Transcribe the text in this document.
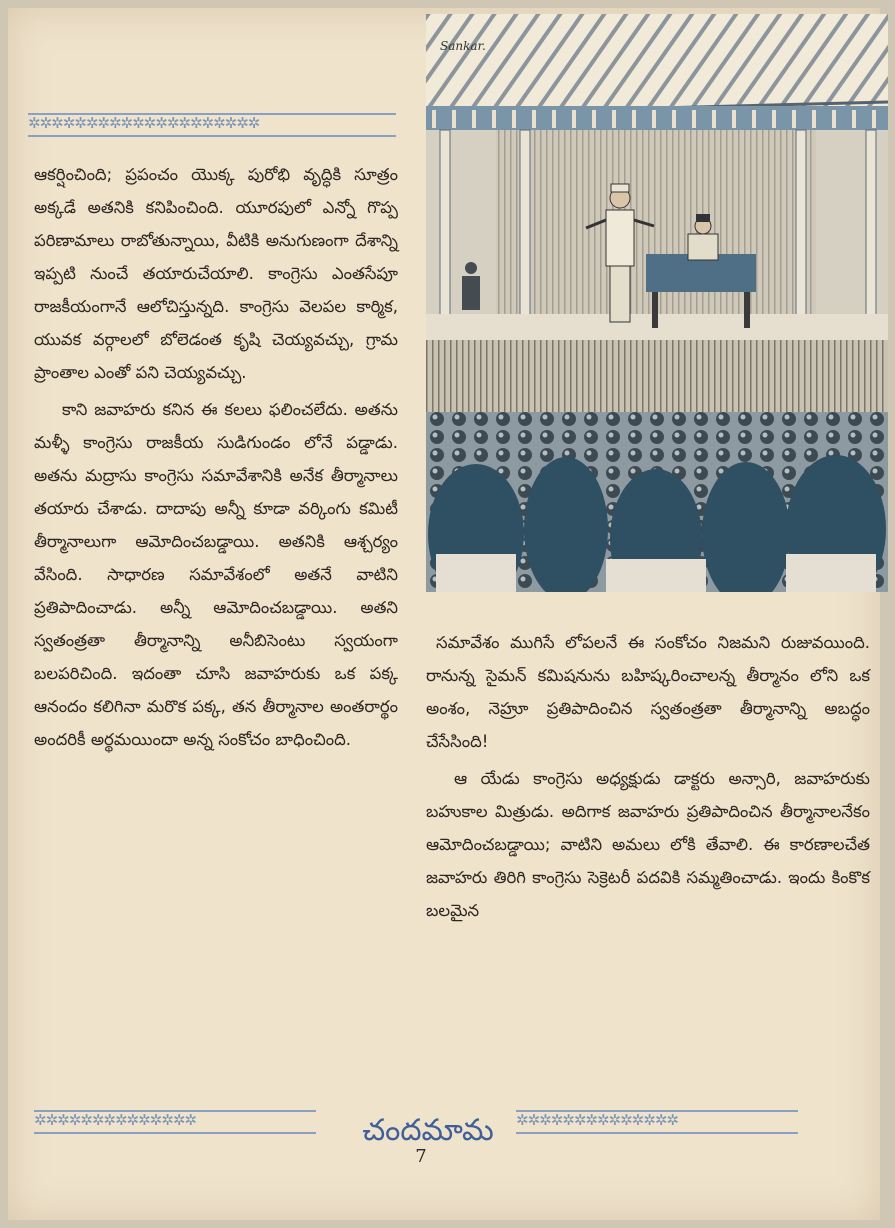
✲✲✲✲✲✲✲✲✲✲✲✲✲✲✲✲✲✲✲✲

ఆకర్షించింది; ప్రపంచం యొక్క పురోభి వృద్ధికి సూత్రం అక్కడే అతనికి కనిపించింది. యూరపులో ఎన్నో గొప్ప పరిణామాలు రాబోతున్నాయి, వీటికి అనుగుణంగా దేశాన్ని ఇప్పటి నుంచే తయారుచేయాలి. కాంగ్రెసు ఎంతసేపూ రాజకీయంగానే ఆలోచిస్తున్నది. కాంగ్రెసు వెలపల కార్మిక, యువక వర్గాలలో బోలెడంత కృషి చెయ్యవచ్చు, గ్రామ ప్రాంతాల ఎంతో పని చెయ్యవచ్చు.

కాని జవాహరు కనిన ఈ కలలు ఫలించలేదు. అతను మళ్ళీ కాంగ్రెసు రాజకీయ సుడిగుండం లోనే పడ్డాడు. అతను మద్రాసు కాంగ్రెసు సమావేశానికి అనేక తీర్మానాలు తయారు చేశాడు. దాదాపు అన్నీ కూడా వర్కింగు కమిటీ తీర్మానాలుగా ఆమోదించబడ్డాయి. అతనికి ఆశ్చర్యం వేసింది. సాధారణ సమావేశంలో అతనే వాటిని ప్రతిపాదించాడు. అన్నీ ఆమోదించబడ్డాయి. అతని స్వతంత్రతా తీర్మానాన్ని అనీబిసెంటు స్వయంగా బలపరిచింది. ఇదంతా చూసి జవాహరుకు ఒక పక్క ఆనందం కలిగినా మరొక పక్క, తన తీర్మానాల అంతరార్థం అందరికీ అర్థమయిందా అన్న సంకోచం బాధించింది.

Sankar.

సమావేశం ముగిసే లోపలనే ఈ సంకోచం నిజమని రుజువయింది. రానున్న సైమన్ కమిషనును బహిష్కరించాలన్న తీర్మానం లోని ఒక అంశం, నెహ్రూ ప్రతిపాదించిన స్వతంత్రతా తీర్మానాన్ని అబద్ధం చేసేసింది!

ఆ యేడు కాంగ్రెసు అధ్యక్షుడు డాక్టరు అన్సారి, జవాహరుకు బహుకాల మిత్రుడు. అదిగాక జవాహరు ప్రతిపాదించిన తీర్మానాలనేకం ఆమోదించబడ్డాయి; వాటిని అమలు లోకి తేవాలి. ఈ కారణాలచేత జవాహరు తిరిగి కాంగ్రెసు సెక్రెటరీ పదవికి సమ్మతించాడు. ఇందు కింకొక బలమైన

✲✲✲✲✲✲✲✲✲✲✲✲✲✲	చందమామ	✲✲✲✲✲✲✲✲✲✲✲✲✲✲
7
